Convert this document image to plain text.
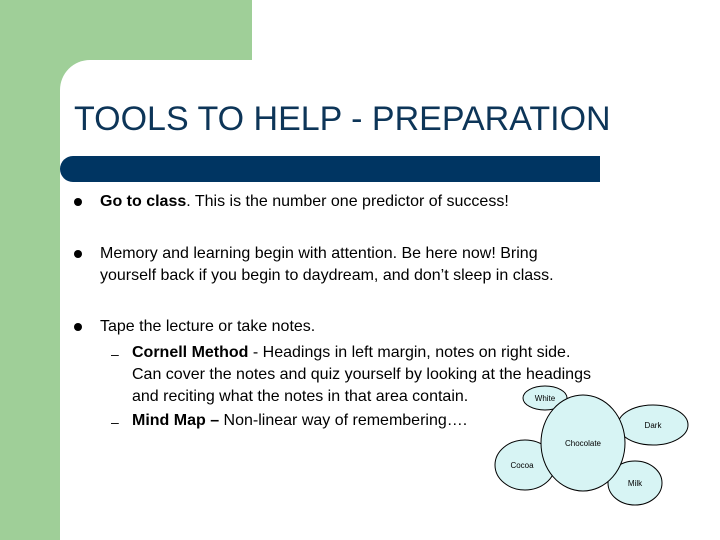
TOOLS TO HELP - PREPARATION
Go to class. This is the number one predictor of success!
Memory and learning begin with attention. Be here now! Bring
yourself back if you begin to daydream, and don’t sleep in class.
Tape the lecture or take notes.
– Cornell Method - Headings in left margin, notes on right side.
Can cover the notes and quiz yourself by looking at the headings
and reciting what the notes in that area contain.
– Mind Map – Non-linear way of remembering….
White
Dark
Chocolate
Cocoa
Milk
